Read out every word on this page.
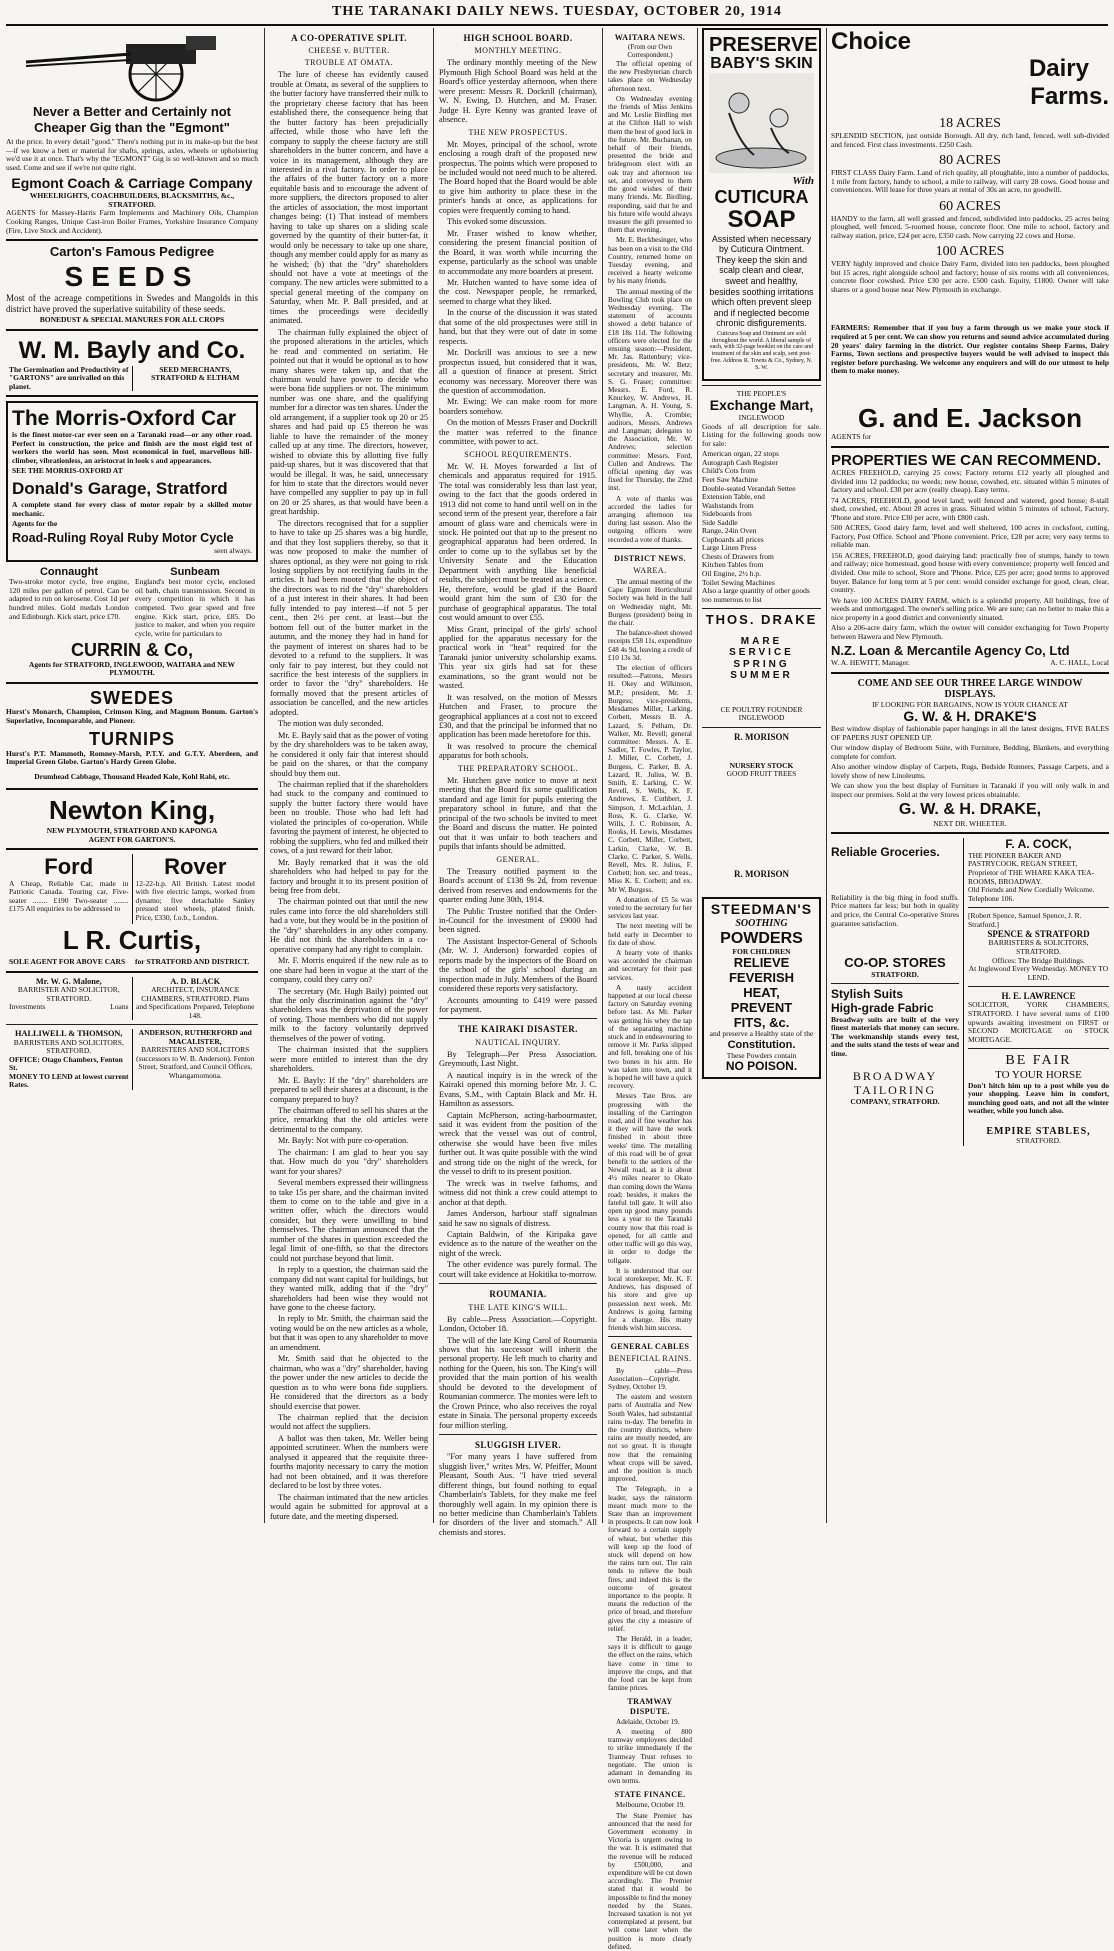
THE TARANAKI DAILY NEWS. TUESDAY, OCTOBER 20, 1914
Never a Better and Certainly not
Cheaper Gig than the "Egmont"

At the price. In every detail "good." There's nothing put in its make-up but the best—if we know a bett er material for shafts, springs, axles, wheels or upholstering we'd use it at once. That's why the "EGMONT" Gig is so well-known and so much used. Come and see if we're not quite right.

Egmont Coach & Carriage Company
WHEELRIGHTS, COACHBUILDERS, BLACKSMITHS, &c., STRATFORD.

AGENTS for Massey-Harris Farm Implements and Machinery Oils, Champion Cooking Ranges, Unique Cast-iron Boiler Frames, Yorkshire Insurance Company (Fire, Live Stock and Accident).

Carton's Famous Pedigree
SEEDS

Most of the acreage competitions in Swedes and Mangolds in this district have proved the superlative suitability of these seeds.

BONEDUST & SPECIAL MANURES FOR ALL CROPS
W. M. Bayly and Co.
The Germination and Productivity of "GARTONS" are unrivalled on this planet.
SEED MERCHANTS,
STRATFORD & ELTHAM
The Morris-Oxford Car

is the finest motor-car ever seen on a Taranaki road—or any other road. Perfect in construction, the price and finish are the most rigid test of workers the world has seen. Most economical in fuel, marvellous hill-climber, vibrationless, an aristocrat in look s and appearances.

SEE THE MORRIS-OXFORD AT
Donald's Garage, Stratford

A complete stand for every class of motor repair by a skilled motor mechanic.

Agents for the
Road-Ruling Royal Ruby Motor Cycle
seen always.
Connaught

Two-stroke motor cycle, free engine, 120 miles per gallon of petrol. Can be adapted to run on kerosene. Cost 1d per hundred miles. Gold medals London and Edinburgh. Kick start, price £70.

Sunbeam

England's best motor cycle, enclosed oil bath, chain transmission. Second in every competition in which it has competed. Two gear speed and free engine. Kick start, price, £85. Do justice to maker, and when you require cycle, write for particulars to

CURRIN & Co,
Agents for STRATFORD, INGLEWOOD, WAITARA and NEW PLYMOUTH.
SWEDES

Hurst's Monarch, Champion, Crimson King, and Magnum Bonum. Garton's Superlative, Incomparable, and Pioneer.

TURNIPS

Hurst's P.T. Mammoth, Romney-Marsh, P.T.Y. and G.T.Y. Aberdeen, and Imperial Green Globe. Garton's Hardy Green Globe.

Drumhead Cabbage, Thousand Headed Kale, Kohl Rabi, etc.
Newton King,
NEW PLYMOUTH, STRATFORD AND KAPONGA
AGENT FOR GARTON'S.
Ford

A Cheap, Reliable Car, made in Patriotic Canada. Touring car, Five-seater ........ £190 Two-seater ........ £175 All enquiries to be addressed to

Rover

12-22-h.p. All British. Latest model with five electric lamps, worked from dynamo; five detachable Sankey pressed steel wheels, plated finish. Price, £330, f.o.b., London.

L R. Curtis,
SOLE AGENT FOR ABOVE CARS	for STRATFORD AND DISTRICT.
Mr. W. G. Malone,
BARRISTER AND SOLICITOR, STRATFORD.
Investments	Loans
A. D. BLACK
ARCHITECT, INSURANCE CHAMBERS, STRATFORD. Plans and Specifications Prepared, Telephone 148.
HALLIWELL & THOMSON,
BARRISTERS AND SOLICITORS, STRATFORD.
OFFICE: Otago Chambers, Fenton St.
MONEY TO LEND at lowest current Rates.
ANDERSON, RUTHERFORD and MACALISTER,
BARRISTERS AND SOLICITORS (successors to W. B. Anderson). Fenton Street, Stratford, and Council Offices, Whangamomona.
A CO-OPERATIVE SPLIT.
CHEESE v. BUTTER.
TROUBLE AT OMATA.

The lure of cheese has evidently caused trouble at Omata, as several of the suppliers to the butter factory have transferred their milk to the proprietary cheese factory that has been established there, the consequence being that the butter factory has been prejudicially affected, while those who have left the company to supply the cheese factory are still shareholders in the butter concern, and have a voice in its management, although they are interested in a rival factory. In order to place the affairs of the butter factory on a more equitable basis and to encourage the advent of more suppliers, the directors proposed to alter the articles of association, the most important changes being: (1) That instead of members having to take up shares on a sliding scale governed by the quantity of their butter-fat, it would only be necessary to take up one share, though any member could apply for as many as he wished; (b) that the "dry" shareholders should not have a vote at meetings of the company. The new articles were submitted to a special general meeting of the company on Saturday, when Mr. P. Ball presided, and at times the proceedings were decidedly animated.

The chairman fully explained the object of the proposed alterations in the articles, which he read and commented on seriatim. He pointed out that it would be optional as to how many shares were taken up, and that the chairman would have power to decide who were bona fide suppliers or not. The minimum number was one share, and the qualifying number for a director was ten shares. Under the old arrangement, if a supplier took up 20 or 25 shares and had paid up £5 thereon he was liable to have the remainder of the money called up at any time. The directors, however, wished to obviate this by allotting five fully paid-up shares, but it was discovered that that would be illegal. It was, he said, unnecessary for him to state that the directors would never have compelled any supplier to pay up in full on 20 or 25 shares, as that would have been a great hardship.

The directors recognised that for a supplier to have to take up 25 shares was a big hurdle, and that they lost suppliers thereby, so that it was now proposed to make the number of shares optional, as they were not going to risk losing suppliers by not rectifying faults in the articles. It had been mooted that the object of the directors was to rid the "dry" shareholders of a just interest in their shares. It had been fully intended to pay interest—if not 5 per cent., then 2½ per cent. at least—but the bottom fell out of the butter market in the autumn, and the money they had in hand for the payment of interest on shares had to be devoted to a refund to the suppliers. It was only fair to pay interest, but they could not sacrifice the best interests of the suppliers in order to favor the "dry" shareholders. He formally moved that the present articles of association be cancelled, and the new articles adopted.

The motion was duly seconded.

Mr. E. Bayly said that as the power of voting by the dry shareholders was to be taken away, he considered it only fair that interest should be paid on the shares, or that the company should buy them out.

The chairman replied that if the shareholders had stuck to the company and continued to supply the butter factory there would have been no trouble. Those who had left had violated the principles of co-operation. While favoring the payment of interest, he objected to robbing the suppliers, who fed and milked their cows, of a just reward for their labor.

Mr. Bayly remarked that it was the old shareholders who had helped to pay for the factory and brought it to its present position of being free from debt.

The chairman pointed out that until the new rules came into force the old shareholders still had a vote, but they would be in the position of the "dry" shareholders in any other company. He did not think the shareholders in a co-operative company had any right to complain.

Mr. F. Morris enquired if the new rule as to one share had been in vogue at the start of the company, could they carry on?

The secretary (Mr. Hugh Baily) pointed out that the only discrimination against the "dry" shareholders was the deprivation of the power of voting. Those members who did not supply milk to the factory voluntarily deprived themselves of the power of voting.

The chairman insisted that the suppliers were more entitled to interest than the dry shareholders.

Mr. E. Bayly: If the "dry" shareholders are prepared to sell their shares at a discount, is the company prepared to buy?

The chairman offered to sell his shares at the price, remarking that the old articles were detrimental to the company.

Mr. Bayly: Not with pure co-operation.

The chairman: I am glad to hear you say that. How much do you "dry" shareholders want for your shares?

Several members expressed their willingness to take 15s per share, and the chairman invited them to come on to the table and give in a written offer, which the directors would consider, but they were unwilling to bind themselves. The chairman announced that the number of the shares in question exceeded the legal limit of one-fifth, so that the directors could not purchase beyond that limit.

In reply to a question, the chairman said the company did not want capital for buildings, but they wanted milk, adding that if the "dry" shareholders had been wise they would not have gone to the cheese factory.

In reply to Mr. Smith, the chairman said the voting would be on the new articles as a whole, but that it was open to any shareholder to move an amendment.

Mr. Smith said that he objected to the chairman, who was a "dry" shareholder, having the power under the new articles to decide the question as to who were bona fide suppliers. He considered that the directors as a body should exercise that power.

The chairman replied that the decision would not affect the suppliers.

A ballot was then taken, Mr. Weller being appointed scrutineer. When the numbers were analysed it appeared that the requisite three-fourths majority necessary to carry the motion had not been obtained, and it was therefore declared to be lost by three votes.

The chairman intimated that the new articles would again be submitted for approval at a future date, and the meeting dispersed.

HIGH SCHOOL BOARD.
MONTHLY MEETING.

The ordinary monthly meeting of the New Plymouth High School Board was held at the Board's office yesterday afternoon, when there were present: Messrs R. Dockrill (chairman), W. N. Ewing, D. Hutchen, and M. Fraser. Judge H. Eyre Kenny was granted leave of absence.

THE NEW PROSPECTUS.

Mr. Moyes, principal of the school, wrote enclosing a rough draft of the proposed new prospectus. The points which were proposed to be included would not need much to be altered. The Board hoped that the Board would be able to give him authority to place these in the printer's hands at once, as applications for copies were frequently coming to hand.

This evoked some discussion.

Mr. Fraser wished to know whether, considering the present financial position of the Board, it was worth while incurring the expense, particularly as the school was unable to accommodate any more boarders at present.

Mr. Hutchen wanted to have some idea of the cost. Newspaper people, he remarked, seemed to charge what they liked.

In the course of the discussion it was stated that some of the old prospectuses were still in hand, but that they were out of date in some respects.

Mr. Dockrill was anxious to see a new prospectus issued, but considered that it was, all a question of finance at present. Strict economy was necessary. Moreover there was the question of accommodation.

Mr. Ewing: We can make room for more boarders somehow.

On the motion of Messrs Fraser and Dockrill the matter was referred to the finance committee, with power to act.

SCHOOL REQUIREMENTS.

Mr. W. H. Moyes forwarded a list of chemicals and apparatus required for 1915. The total was considerably less than last year, owing to the fact that the goods ordered in 1913 did not come to hand until well on in the second term of the present year, therefore a fair amount of glass ware and chemicals were in stock. He pointed out that up to the present no geographical apparatus had been ordered. In order to come up to the syllabus set by the University Senate and the Education Department with anything like beneficial results, the subject must be treated as a science. He, therefore, would be glad if the Board would grant him the sum of £30 for the purchase of geographical apparatus. The total cost would amount to over £55.

Miss Grant, principal of the girls' school applied for the apparatus necessary for the practical work in "heat" required for the Taranaki junior university scholarship exams. This year six girls had sat for these examinations, so the grant would not be wasted.

It was resolved, on the motion of Messrs Hutchen and Fraser, to procure the geographical appliances at a cost not to exceed £30, and that the principal be informed that no application has been made heretofore for this.

It was resolved to procure the chemical apparatus for both schools.

THE PREPARATORY SCHOOL.

Mr. Hutchen gave notice to move at next meeting that the Board fix some qualification standard and age limit for pupils entering the preparatory school in future, and that the principal of the two schools be invited to meet the Board and discuss the matter. He pointed out that it was unfair to both teachers and pupils that infants should be admitted.

GENERAL.

The Treasury notified payment to the Board's account of £138 9s 2d, from revenue derived from reserves and endowments for the quarter ending June 30th, 1914.

The Public Trustee notified that the Order-in-Council for the investment of £9000 had been signed.

The Assistant Inspector-General of Schools (Mr. W. J. Anderson) forwarded copies of reports made by the inspectors of the Board on the school of the girls' school during an inspection made in July. Members of the Board considered these reports very satisfactory.

Accounts amounting to £419 were passed for payment.

THE KAIRAKI DISASTER.
NAUTICAL INQUIRY.

By Telegraph—Per Press Association. Greymouth, Last Night.

A nautical inquiry is in the wreck of the Kairaki opened this morning before Mr. J. C. Evans, S.M., with Captain Black and Mr. H. Hamilton as assessors.

Captain McPherson, acting-harbourmaster, said it was evident from the position of the wreck that the vessel was out of control, otherwise she would have been five miles further out. It was quite possible with the wind and strong tide on the night of the wreck, for the vessel to drift to its present position.

The wreck was in twelve fathoms, and witness did not think a crew could attempt to anchor at that depth.

James Anderson, harbour staff signalman said he saw no signals of distress.

Captain Baldwin, of the Kiripaka gave evidence as to the nature of the weather on the night of the wreck.

The other evidence was purely formal. The court will take evidence at Hokitika to-morrow.

ROUMANIA.
THE LATE KING'S WILL.

By cable—Press Association.—Copyright. London, October 18.

The will of the late King Carol of Roumania shows that his successor will inherit the personal property. He left much to charity and nothing for the Queen, his son. The King's will provided that the main portion of his wealth should be devoted to the development of Roumanian commerce. The monies were left to the Crown Prince, who also receives the royal estate in Sinaia. The personal property exceeds four million sterling.

SLUGGISH LIVER.

"For many years I have suffered from sluggish liver," writes Mrs. W. Pfeiffer, Mount Pleasant, South Aus. "I have tried several different things, but found nothing to equal Chamberlain's Tablets, for they make me feel thoroughly well again. In my opinion there is no better medicine than Chamberlain's Tablets for disorders of the liver and stomach." All chemists and stores.

WAITARA NEWS.
(From our Own Correspondent.)

The official opening of the new Presbyterian church takes place on Wednesday afternoon next.

On Wednesday evening the friends of Miss Jenkins and Mr. Leslie Birdling met at the Clifton Hall to wish them the best of good luck in the future. Mr. Buchanan, on behalf of their friends, presented the bride and bridegroom elect with an oak tray and afternoon tea set, and conveyed to them the good wishes of their many friends. Mr. Birdling, responding, said that he and his future wife would always treasure the gift presented to them that evening.

Mr. E. Beckbesinger, who has been on a visit to the Old Country, returned home on Tuesday evening, and received a hearty welcome by his many friends.

The annual meeting of the Bowling Club took place on Wednesday evening. The statement of accounts showed a debit balance of £18 18s 11d. The following officers were elected for the ensuing season:—President, Mr. Jas. Rattenbury; vice-presidents, Mr. W. Betz; secretary and treasurer, Mr. S. G. Fraser; committee: Messrs. E. Ford, R. Knuckey, W. Andrews, H. Langman, A. H. Young, S. Whyllie, A. Crombie; auditors, Messrs. Andrews and Langman; delegates to the Association, Mr. W. Andrews; selection committee: Messrs. Ford, Cullen and Andrews. The official opening day was fixed for Thursday, the 22nd inst.

A vote of thanks was accorded the ladies for arranging afternoon tea during last season. Also the outgoing officers were recorded a vote of thanks.

DISTRICT NEWS.
WAREA.

The annual meeting of the Cape Egmont Horticultural Society was held in the hall on Wednesday night, Mr. Burgess (president) being in the chair.

The balance-sheet showed receipts £58 11s, expenditure £48 4s 9d, leaving a credit of £10 13s 3d.

The election of officers resulted:—Patrons, Messrs H. Okey and Wilkinson, M.P.; president, Mr. J. Burgess; vice-presidents, Mesdames Miller, Larking, Corbett, Messrs B. A. Lazard, S. Pelham, Dr. Walker, Mr. Revell; general committee: Messrs. A. E. Sadler, T. Fowles, P. Taylor, J. Miller, C. Corbett, J. Burgess, C. Parker, B. A. Lazard, R. Julius, W. B. Smith, E. Larking, C. W. Revell, S. Wells, K. F. Andrews, E. Cuthbert, J. Simpson, J. McLachlan, J. Ross, K. G. Clarke, W. Wills, J. C. Robinson, A. Rooks, H. Lewis, Mesdames C. Corbett, Miller, Corbett, Larkin, Clarke, W. B. Clarke, C. Parker, S. Wells, Revell, Mrs. R. Julius, F. Corbett; hon. sec. and treas., Miss K. E. Corbett; and ex. Mr W. Burgess.

A donation of £5 5s was voted to the secretary for her services last year.

The next meeting will be held early in December to fix date of show.

A hearty vote of thanks was accorded the chairman and secretary for their past services.

A nasty accident happened at our local cheese factory on Saturday evening before last. As Mr. Parker was getting his whey the tap of the separating machine stuck and in endeavouring to remove it Mr. Parks slipped and fell, breaking one of his two bones in his arm. He was taken into town, and it is hoped he will have a quick recovery.

Messrs Tate Bros. are progressing with the installing of the Carrington road, and if fine weather has it they will have the work finished in about three weeks' time. The metalling of this road will be of great benefit to the settlers of the Newall road, as it is about 4½ miles nearer to Okato than coming down the Warea road; besides, it makes the fateful toll gate. It will also open up good many pounds less a year to the Taranaki county now that this road is opened, for all cattle and other traffic will go this way, in order to dodge the tollgate.

It is understood that our local storekeeper, Mr. K. F. Andrews, has disposed of his store and give up possession next week. Mr. Andrews is going farming for a change. His many friends wish him success.

GENERAL CABLES
BENEFICIAL RAINS.

By cable—Press Association—Copyright. Sydney, October 19.

The eastern and western parts of Australia and New South Wales, had substantial rains to-day. The benefits in the country districts, where rains are mostly needed, are not so great. It is thought now that the remaining wheat crops will be saved, and the position is much improved.

The Telegraph, in a leader, says the rainstorm meant much more to the State than an improvement in prospects. It can now look forward to a certain supply of wheat, but whether this will keep up the food of stock will depend on how the rains turn out. The rain tends to relieve the bush fires, and indeed this is the outcome of greatest importance to the people. It means the reduction of the price of bread, and therefore gives the city a measure of relief.

The Herald, in a leader, says it is difficult to gauge the effect on the rains, which have come in time to improve the crops, and that the food can be kept from famine prices.

TRAMWAY DISPUTE.

Adelaide, October 19.

A meeting of 800 tramway employees decided to strike immediately if the Tramway Trust refuses to negotiate. The union is adamant in demanding its own terms.

STATE FINANCE.

Melbourne, October 19.

The State Premier has announced that the need for Government economy in Victoria is urgent owing to the war. It is estimated that the revenue will be reduced by £500,000, and expenditure will be cut down accordingly. The Premier stated that it would be impossible to find the money needed by the States. Increased taxation is not yet contemplated at present, but will come later when the position is more clearly defined.

PRESERVE
BABY'S SKIN
With
CUTICURA
SOAP

Assisted when necessary by Cuticura Ointment. They keep the skin and scalp clean and clear, sweet and healthy, besides soothing irritations which often prevent sleep and if neglected become chronic disfigurements.

Cuticura Soap and Ointment are sold throughout the world. A liberal sample of each, with 32-page booklet on the care and treatment of the skin and scalp, sent post-free. Address R. Towns & Co., Sydney, N. S. W.

THE PEOPLE'S
Exchange Mart,
INGLEWOOD

Goods of all description for sale. Listing for the following goods now for sale:

American organ, 22 stops
Autograph Cash Register
Child's Cots from
Feet Saw Machine
Double-seated Verandah Settee
Extension Table, end
Washstands from
Sideboards from
Side Saddle
Range, 24in Oven
Cupboards all prices
Large Linen Press
Chests of Drawers from
Kitchen Tables from
Oil Engine, 2½ h.p.
Toilet Sewing Machines
Also a large quantity of other goods too numerous to list
THOS. DRAKE
MARE
SERVICE
SPRING
SUMMER
CE POULTRY FOUNDER
INGLEWOOD
R. MORISON
NURSERY STOCK
GOOD FRUIT TREES
R. MORISON
STEEDMAN'S
SOOTHING
POWDERS
FOR CHILDREN
RELIEVE
FEVERISH
HEAT,
PREVENT
FITS, &c.
and preserve a Healthy state of the
Constitution.
These Powders contain
NO POISON.
Choice
Dairy
Farms.
18 ACRES

SPLENDID SECTION, just outside Borough. All dry, rich land, fenced, well sub-divided and fenced. First class investments. £250 Cash.

80 ACRES

FIRST CLASS Dairy Farm. Land of rich quality, all ploughable, into a number of paddocks, 1 mile from factory, handy to school, a mile to railway, will carry 28 cows. Good house and conveniences. Will lease for three years at rental of 30s an acre, no goodwill.

60 ACRES

HANDY to the farm, all well grassed and fenced, subdivided into paddocks, 25 acres being ploughed, well fenced, 5-roomed house, concrete floor. One mile to school, factory and railway station, price, £24 per acre, £350 cash. Now carrying 22 cows and Horse.

100 ACRES

VERY highly improved and choice Dairy Farm, divided into ten paddocks, been ploughed but 15 acres, right alongside school and factory; house of six rooms with all conveniences, concrete floor cowshed. Price £30 per acre. £500 cash. Equity, £1800. Owner will take shares or a good house near New Plymouth in exchange.

FARMERS: Remember that if you buy a farm through us we make your stock if required at 5 per cent. We can show you returns and sound advice accumulated during 20 years' dairy farming in the district. Our register contains Sheep Farms, Dairy Farms, Town sections and prospective buyers would be well advised to inspect this register before purchasing. We welcome any enquirers and will do our utmost to help them to make money.

G. and E. Jackson
AGENTS for
PROPERTIES WE CAN RECOMMEND.

ACRES FREEHOLD, carrying 25 cows; Factory returns £12 yearly all ploughed and divided into 12 paddocks; no weeds; new house, cowshed, etc. situated within 5 minutes of factory and school. £30 per acre (really cheap). Easy terms.

74 ACRES, FREEHOLD, good level land; well fenced and watered, good house; 8-stall shed, cowshed, etc. About 28 acres in grass. Situated within 5 minutes of school, Factory, 'Phone and store. Price £30 per acre, with £800 cash.

500 ACRES, Good dairy farm, level and well sheltered, 100 acres in cocksfoot, cutting, Factory, Post Office. School and 'Phone convenient. Price, £28 per acre; very easy terms to reliable man.

156 ACRES, FREEHOLD, good dairying land: practically free of stumps, handy to town and railway; nice homestead, good house with every convenience; property well fenced and divided. One mile to school, Store and 'Phone. Price, £25 per acre; good terms to approved buyer. Balance for long term at 5 per cent: would consider exchange for good, clean, clear, country.

We have 100 ACRES DAIRY FARM, which is a splendid property. All buildings, free of weeds and unmortgaged. The owner's selling price. We are sure; can no better to make this a nice property in a good district and conveniently situated.

Also a 206-acre dairy farm, which the owner will consider exchanging for Town Property between Hawera and New Plymouth.

N.Z. Loan & Mercantile Agency Co, Ltd
W. A. HEWITT, Manager.	A. C. HALL, Local
COME AND SEE OUR THREE LARGE WINDOW DISPLAYS.
IF LOOKING FOR BARGAINS, NOW IS YOUR CHANCE AT
G. W. & H. DRAKE'S

Best window display of fashionable paper hangings in all the latest designs, FIVE BALES OF PAPERS JUST OPENED UP.

Our window display of Bedroom Suite, with Furniture, Bedding, Blankets, and everything complete for comfort.

Also another window display of Carpets, Rugs, Bedside Runners, Passage Carpets, and a lovely show of new Linoleums.

We can show you the best display of Furniture in Taranaki if you will only walk in and inspect our premises. Sold at the very lowest prices obtainable.

G. W. & H. DRAKE,
NEXT DR. WHEETER.
Reliable Groceries.

Reliability is the big thing in food stuffs. Price matters far less; but both in quality and price, the Central Co-operative Stores guarantee satisfaction.

CO-OP. STORES
STRATFORD.
Stylish Suits
High-grade Fabric

Broadway suits are built of the very finest materials that money can secure. The workmanship stands every test, and the suits stand the tests of wear and time.

BROADWAY
TAILORING
COMPANY, STRATFORD.
F. A. COCK,
THE PIONEER BAKER AND PASTRYCOOK, REGAN STREET,
Proprietor of THE WHARE KAKA TEA-ROOMS, BROADWAY.
Old Friends and New Cordially Welcome. Telephone 106.
[Robert Spence, Samuel Spence, J. R. Stratford.]
SPENCE & STRATFORD
BARRISTERS & SOLICITORS,
STRATFORD.
Offices: The Bridge Buildings.
At Inglewood Every Wednesday. MONEY TO LEND.
H. E. LAWRENCE

SOLICITOR, YORK CHAMBERS, STRATFORD. I have several sums of £100 upwards awaiting investment on FIRST or SECOND MORTGAGE on STOCK MORTGAGE.

BE FAIR
TO YOUR HORSE

Don't hitch him up to a post while you do your shopping. Leave him in comfort, munching good oats, and not all the winter weather, while you lunch also.

EMPIRE STABLES,
STRATFORD.
